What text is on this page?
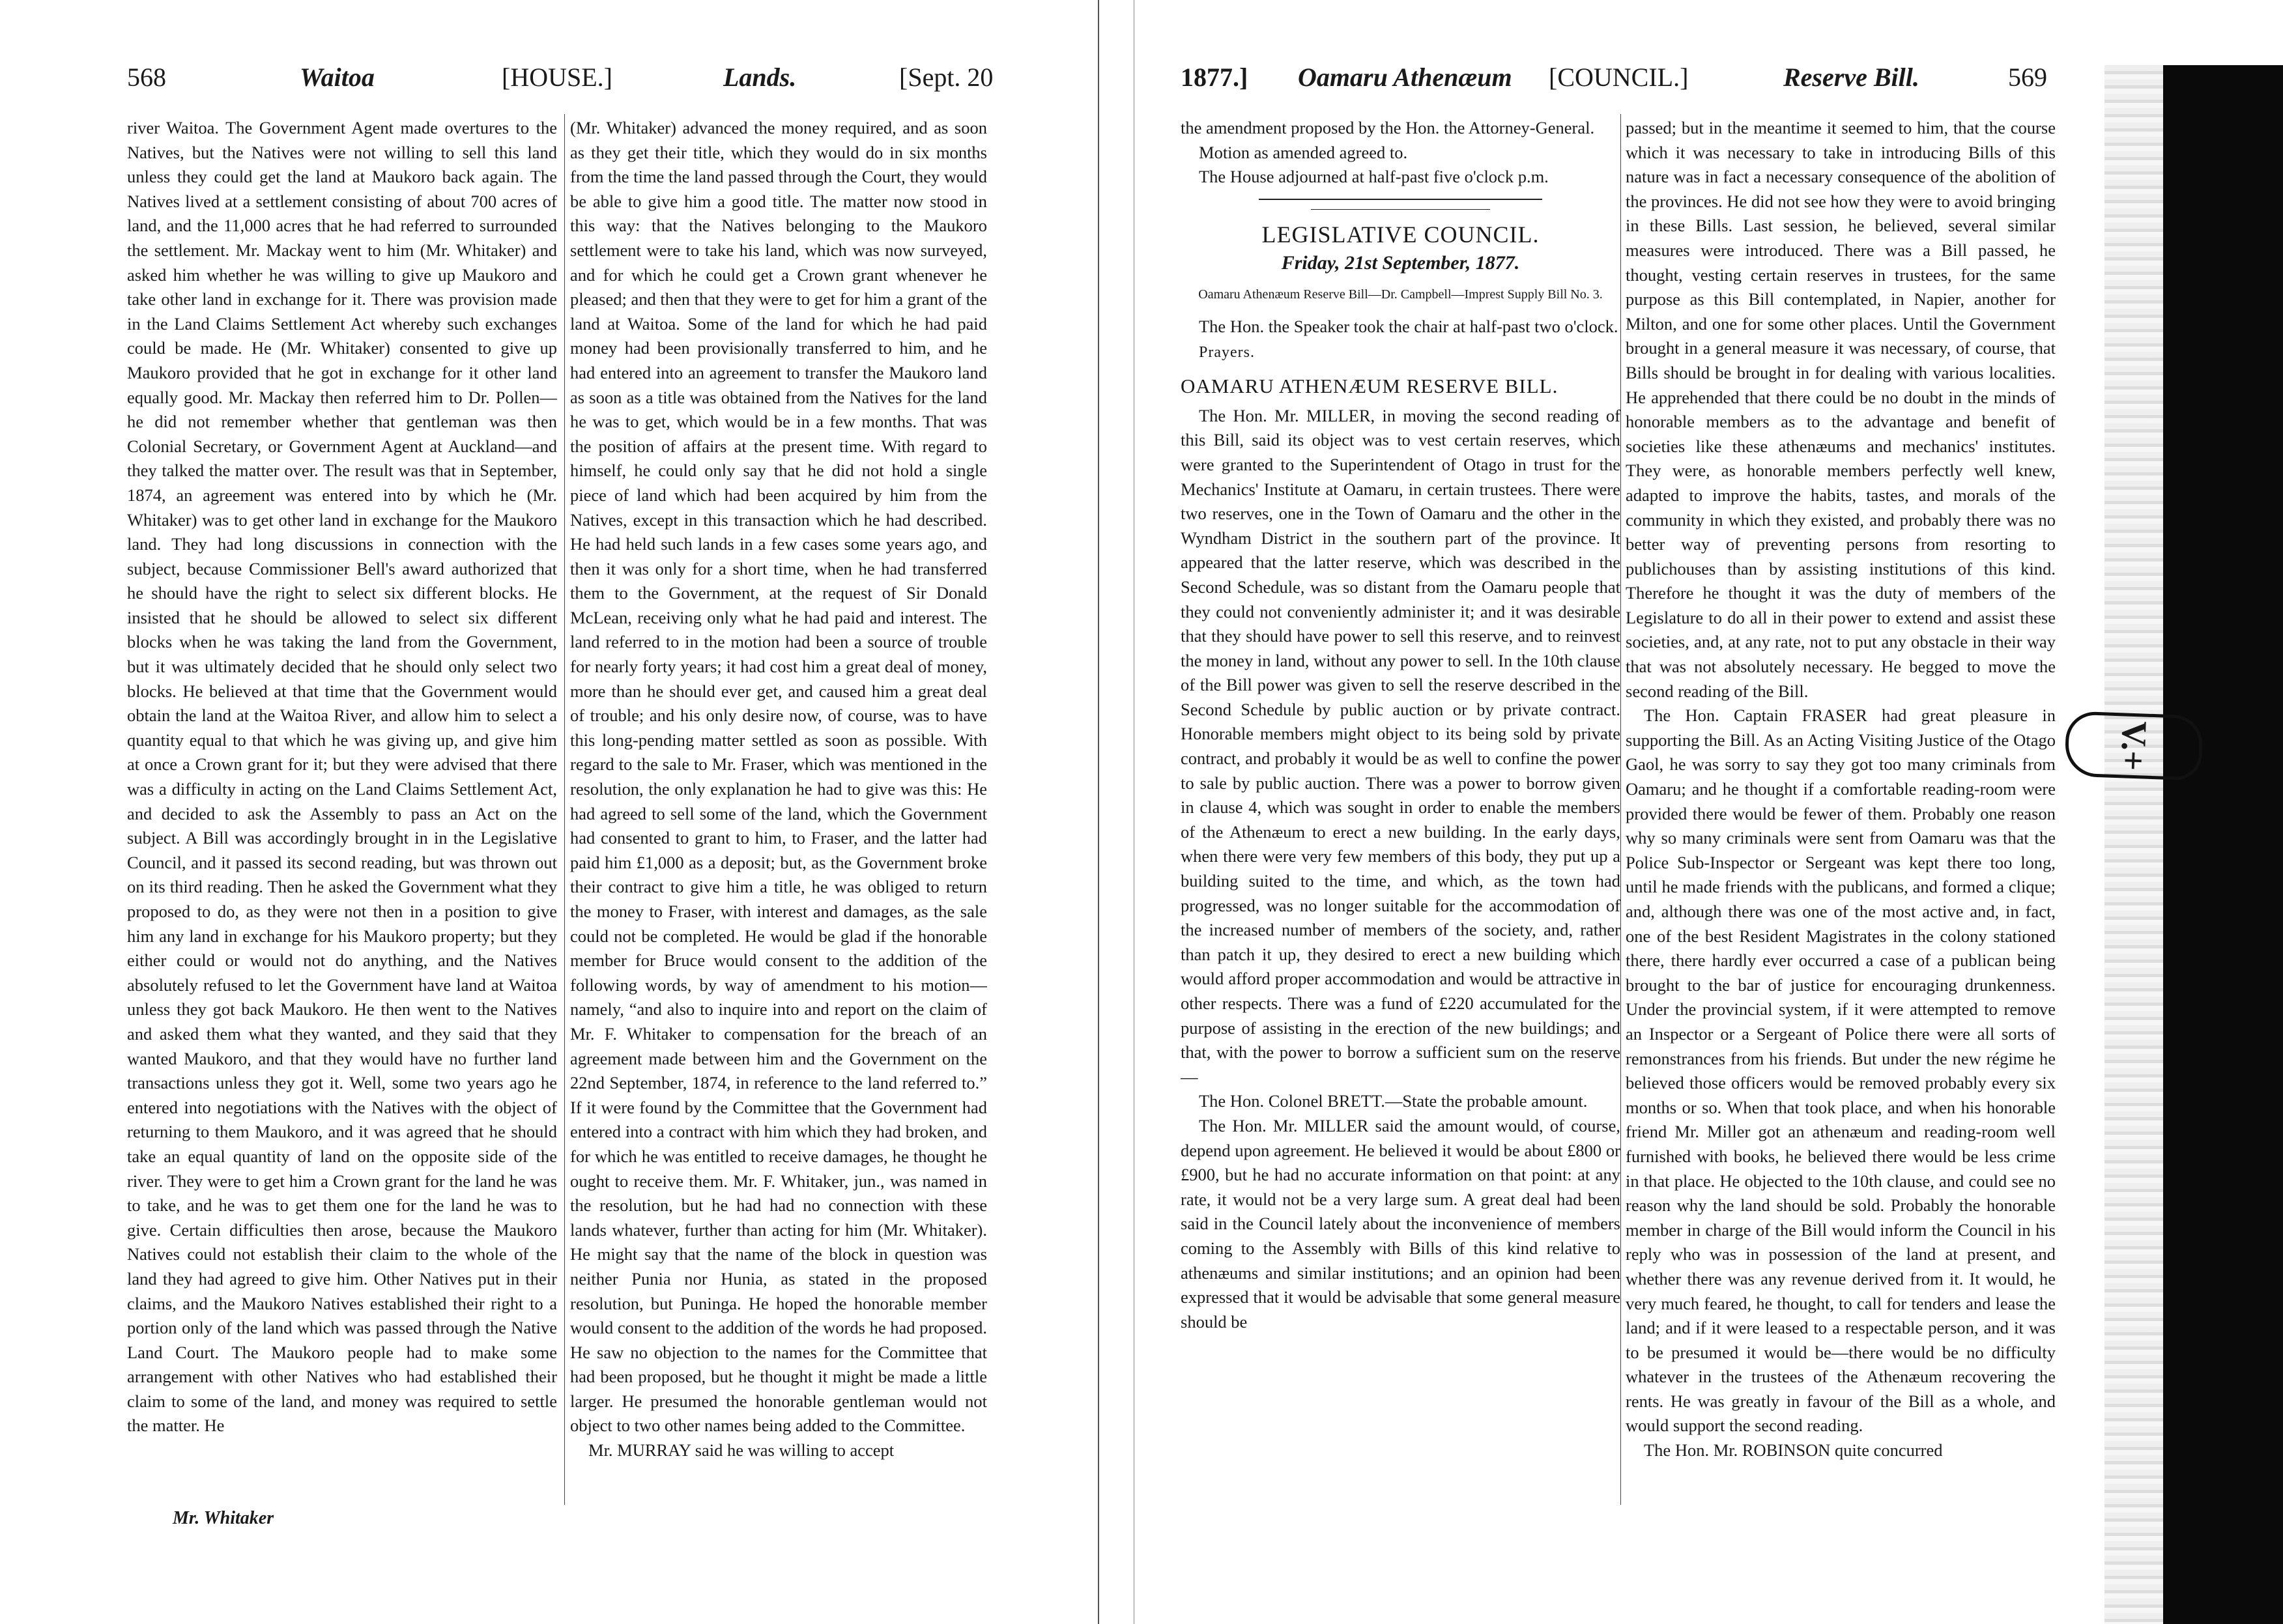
568	Waitoa	[HOUSE.]	Lands.	[Sept. 20

river Waitoa. The Government Agent made overtures to the Natives, but the Natives were not willing to sell this land unless they could get the land at Maukoro back again. The Natives lived at a settlement consisting of about 700 acres of land, and the 11,000 acres that he had referred to surrounded the settlement. Mr. Mackay went to him (Mr. Whitaker) and asked him whether he was willing to give up Maukoro and take other land in exchange for it. There was provision made in the Land Claims Settlement Act whereby such exchanges could be made. He (Mr. Whitaker) consented to give up Maukoro provided that he got in exchange for it other land equally good. Mr. Mackay then referred him to Dr. Pollen—he did not remember whether that gentleman was then Colonial Secretary, or Government Agent at Auckland—and they talked the matter over. The result was that in September, 1874, an agreement was entered into by which he (Mr. Whitaker) was to get other land in exchange for the Maukoro land. They had long discussions in connection with the subject, because Commissioner Bell's award authorized that he should have the right to select six different blocks. He insisted that he should be allowed to select six different blocks when he was taking the land from the Government, but it was ultimately decided that he should only select two blocks. He believed at that time that the Government would obtain the land at the Waitoa River, and allow him to select a quantity equal to that which he was giving up, and give him at once a Crown grant for it; but they were advised that there was a difficulty in acting on the Land Claims Settlement Act, and decided to ask the Assembly to pass an Act on the subject. A Bill was accordingly brought in in the Legislative Council, and it passed its second reading, but was thrown out on its third reading. Then he asked the Government what they proposed to do, as they were not then in a position to give him any land in exchange for his Maukoro property; but they either could or would not do anything, and the Natives absolutely refused to let the Government have land at Waitoa unless they got back Maukoro. He then went to the Natives and asked them what they wanted, and they said that they wanted Maukoro, and that they would have no further land transactions unless they got it. Well, some two years ago he entered into negotiations with the Natives with the object of returning to them Maukoro, and it was agreed that he should take an equal quantity of land on the opposite side of the river. They were to get him a Crown grant for the land he was to take, and he was to get them one for the land he was to give. Certain difficulties then arose, because the Maukoro Natives could not establish their claim to the whole of the land they had agreed to give him. Other Natives put in their claims, and the Maukoro Natives established their right to a portion only of the land which was passed through the Native Land Court. The Maukoro people had to make some arrangement with other Natives who had established their claim to some of the land, and money was required to settle the matter. He

(Mr. Whitaker) advanced the money required, and as soon as they get their title, which they would do in six months from the time the land passed through the Court, they would be able to give him a good title. The matter now stood in this way: that the Natives belonging to the Maukoro settlement were to take his land, which was now surveyed, and for which he could get a Crown grant whenever he pleased; and then that they were to get for him a grant of the land at Waitoa. Some of the land for which he had paid money had been provisionally transferred to him, and he had entered into an agreement to transfer the Maukoro land as soon as a title was obtained from the Natives for the land he was to get, which would be in a few months. That was the position of affairs at the present time. With regard to himself, he could only say that he did not hold a single piece of land which had been acquired by him from the Natives, except in this transaction which he had described. He had held such lands in a few cases some years ago, and then it was only for a short time, when he had transferred them to the Government, at the request of Sir Donald McLean, receiving only what he had paid and interest. The land referred to in the motion had been a source of trouble for nearly forty years; it had cost him a great deal of money, more than he should ever get, and caused him a great deal of trouble; and his only desire now, of course, was to have this long-pending matter settled as soon as possible. With regard to the sale to Mr. Fraser, which was mentioned in the resolution, the only explanation he had to give was this: He had agreed to sell some of the land, which the Government had consented to grant to him, to Fraser, and the latter had paid him £1,000 as a deposit; but, as the Government broke their contract to give him a title, he was obliged to return the money to Fraser, with interest and damages, as the sale could not be completed. He would be glad if the honorable member for Bruce would consent to the addition of the following words, by way of amendment to his motion—namely, “and also to inquire into and report on the claim of Mr. F. Whitaker to compensation for the breach of an agreement made between him and the Government on the 22nd September, 1874, in reference to the land referred to.” If it were found by the Committee that the Government had entered into a contract with him which they had broken, and for which he was entitled to receive damages, he thought he ought to receive them. Mr. F. Whitaker, jun., was named in the resolution, but he had had no connection with these lands whatever, further than acting for him (Mr. Whitaker). He might say that the name of the block in question was neither Punia nor Hunia, as stated in the proposed resolution, but Puninga. He hoped the honorable member would consent to the addition of the words he had proposed. He saw no objection to the names for the Committee that had been proposed, but he thought it might be made a little larger. He presumed the honorable gentleman would not object to two other names being added to the Committee.

Mr. MURRAY said he was willing to accept

Mr. Whitaker
1877.] Oamaru Athenæum [COUNCIL.]	Reserve Bill.	569

the amendment proposed by the Hon. the Attorney-General.

Motion as amended agreed to.

The House adjourned at half-past five o'clock p.m.

LEGISLATIVE COUNCIL.
Friday, 21st September, 1877.
Oamaru Athenæum Reserve Bill—Dr. Campbell—Imprest Supply Bill No. 3.

The Hon. the Speaker took the chair at half-past two o'clock.

Prayers.
OAMARU ATHENÆUM RESERVE BILL.

The Hon. Mr. MILLER, in moving the second reading of this Bill, said its object was to vest certain reserves, which were granted to the Superintendent of Otago in trust for the Mechanics' Institute at Oamaru, in certain trustees. There were two reserves, one in the Town of Oamaru and the other in the Wyndham District in the southern part of the province. It appeared that the latter reserve, which was described in the Second Schedule, was so distant from the Oamaru people that they could not conveniently administer it; and it was desirable that they should have power to sell this reserve, and to reinvest the money in land, without any power to sell. In the 10th clause of the Bill power was given to sell the reserve described in the Second Schedule by public auction or by private contract. Honorable members might object to its being sold by private contract, and probably it would be as well to confine the power to sale by public auction. There was a power to borrow given in clause 4, which was sought in order to enable the members of the Athenæum to erect a new building. In the early days, when there were very few members of this body, they put up a building suited to the time, and which, as the town had progressed, was no longer suitable for the accommodation of the increased number of members of the society, and, rather than patch it up, they desired to erect a new building which would afford proper accommodation and would be attractive in other respects. There was a fund of £220 accumulated for the purpose of assisting in the erection of the new buildings; and that, with the power to borrow a sufficient sum on the reserve—

The Hon. Colonel BRETT.—State the probable amount.

The Hon. Mr. MILLER said the amount would, of course, depend upon agreement. He believed it would be about £800 or £900, but he had no accurate information on that point: at any rate, it would not be a very large sum. A great deal had been said in the Council lately about the inconvenience of members coming to the Assembly with Bills of this kind relative to athenæums and similar institutions; and an opinion had been expressed that it would be advisable that some general measure should be

passed; but in the meantime it seemed to him, that the course which it was necessary to take in introducing Bills of this nature was in fact a necessary consequence of the abolition of the provinces. He did not see how they were to avoid bringing in these Bills. Last session, he believed, several similar measures were introduced. There was a Bill passed, he thought, vesting certain reserves in trustees, for the same purpose as this Bill contemplated, in Napier, another for Milton, and one for some other places. Until the Government brought in a general measure it was necessary, of course, that Bills should be brought in for dealing with various localities. He apprehended that there could be no doubt in the minds of honorable members as to the advantage and benefit of societies like these athenæums and mechanics' institutes. They were, as honorable members perfectly well knew, adapted to improve the habits, tastes, and morals of the community in which they existed, and probably there was no better way of preventing persons from resorting to publichouses than by assisting institutions of this kind. Therefore he thought it was the duty of members of the Legislature to do all in their power to extend and assist these societies, and, at any rate, not to put any obstacle in their way that was not absolutely necessary. He begged to move the second reading of the Bill.

The Hon. Captain FRASER had great pleasure in supporting the Bill. As an Acting Visiting Justice of the Otago Gaol, he was sorry to say they got too many criminals from Oamaru; and he thought if a comfortable reading-room were provided there would be fewer of them. Probably one reason why so many criminals were sent from Oamaru was that the Police Sub-Inspector or Sergeant was kept there too long, until he made friends with the publicans, and formed a clique; and, although there was one of the most active and, in fact, one of the best Resident Magistrates in the colony stationed there, there hardly ever occurred a case of a publican being brought to the bar of justice for encouraging drunkenness. Under the provincial system, if it were attempted to remove an Inspector or a Sergeant of Police there were all sorts of remonstrances from his friends. But under the new régime he believed those officers would be removed probably every six months or so. When that took place, and when his honorable friend Mr. Miller got an athenæum and reading-room well furnished with books, he believed there would be less crime in that place. He objected to the 10th clause, and could see no reason why the land should be sold. Probably the honorable member in charge of the Bill would inform the Council in his reply who was in possession of the land at present, and whether there was any revenue derived from it. It would, he very much feared, he thought, to call for tenders and lease the land; and if it were leased to a respectable person, and it was to be presumed it would be—there would be no difficulty whatever in the trustees of the Athenæum recovering the rents. He was greatly in favour of the Bill as a whole, and would support the second reading.

The Hon. Mr. ROBINSON quite concurred

V.+
